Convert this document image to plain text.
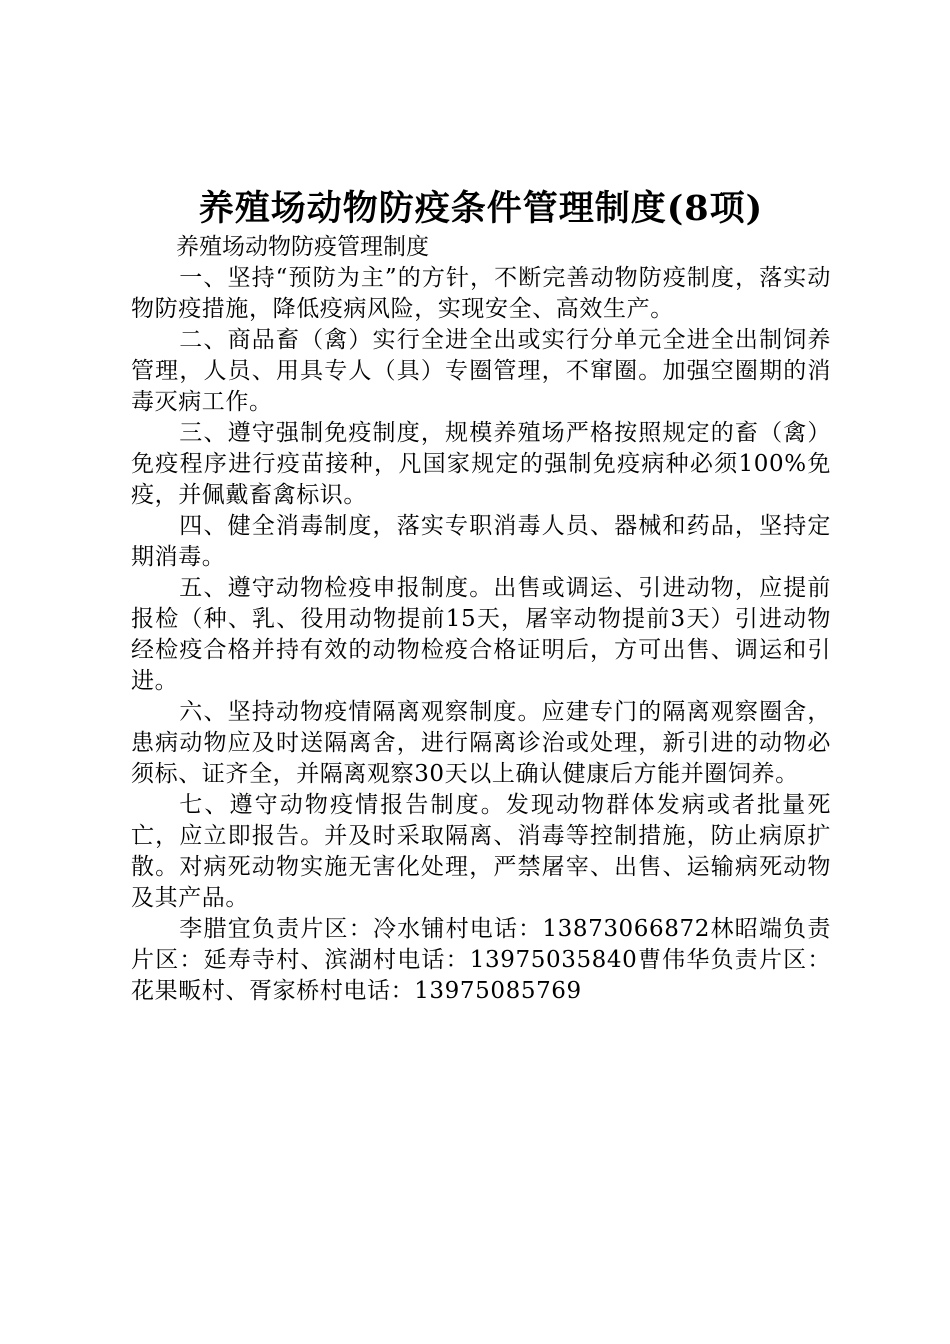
养殖场动物防疫条件管理制度(8项)

养殖场动物防疫管理制度

一、坚持“预防为主”的方针，不断完善动物防疫制度，落实动物防疫措施，降低疫病风险，实现安全、高效生产。

二、商品畜（禽）实行全进全出或实行分单元全进全出制饲养管理，人员、用具专人（具）专圈管理，不窜圈。加强空圈期的消毒灭病工作。

三、遵守强制免疫制度，规模养殖场严格按照规定的畜（禽）免疫程序进行疫苗接种，凡国家规定的强制免疫病种必须100%免疫，并佩戴畜禽标识。

四、健全消毒制度，落实专职消毒人员、器械和药品，坚持定期消毒。

五、遵守动物检疫申报制度。出售或调运、引进动物，应提前报检（种、乳、役用动物提前15天，屠宰动物提前3天）引进动物经检疫合格并持有效的动物检疫合格证明后，方可出售、调运和引进。

六、坚持动物疫情隔离观察制度。应建专门的隔离观察圈舍，患病动物应及时送隔离舍，进行隔离诊治或处理，新引进的动物必须标、证齐全，并隔离观察30天以上确认健康后方能并圈饲养。

七、遵守动物疫情报告制度。发现动物群体发病或者批量死亡，应立即报告。并及时采取隔离、消毒等控制措施，防止病原扩散。对病死动物实施无害化处理，严禁屠宰、出售、运输病死动物及其产品。

李腊宜负责片区：冷水铺村电话：13873066872林昭端负责片区：延寿寺村、滨湖村电话：13975035840曹伟华负责片区：花果畈村、胥家桥村电话：13975085769
